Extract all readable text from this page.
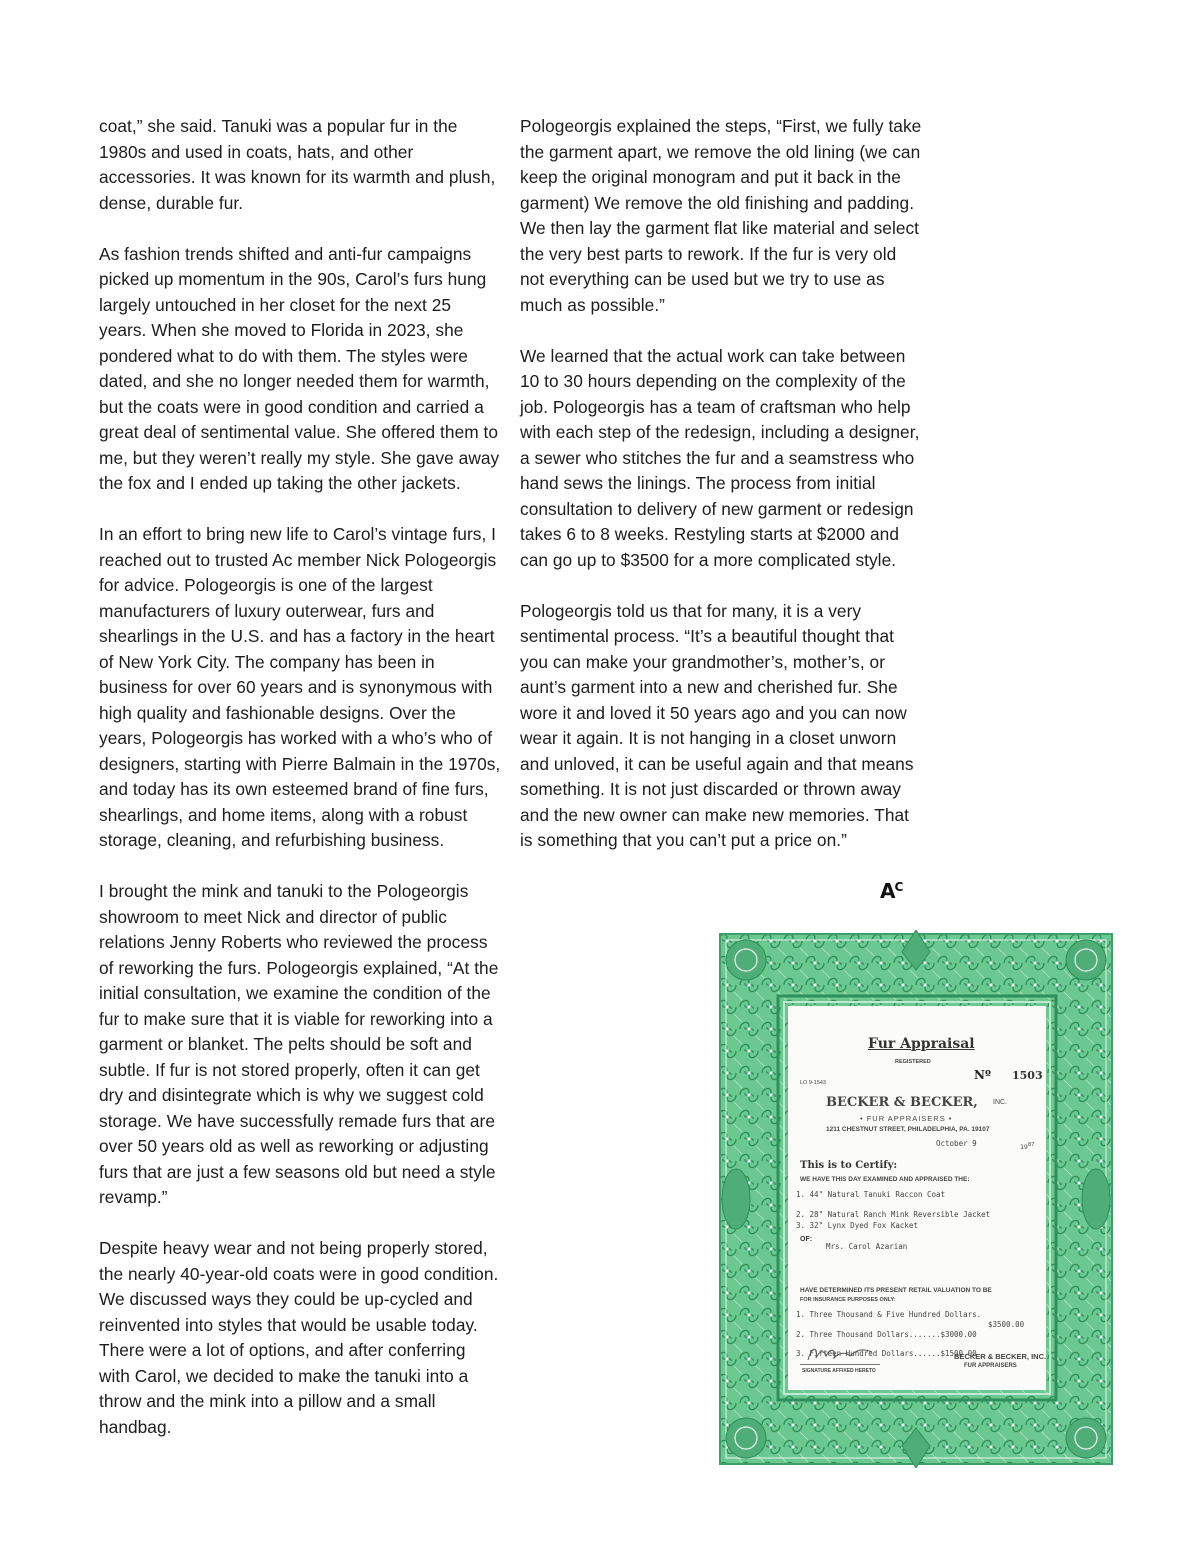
coat,” she said. Tanuki was a popular fur in the 1980s and used in coats, hats, and other accessories. It was known for its warmth and plush, dense, durable fur.

As fashion trends shifted and anti-fur campaigns picked up momentum in the 90s, Carol’s furs hung largely untouched in her closet for the next 25 years. When she moved to Florida in 2023, she pondered what to do with them. The styles were dated, and she no longer needed them for warmth, but the coats were in good condition and carried a great deal of sentimental value. She offered them to me, but they weren’t really my style. She gave away the fox and I ended up taking the other jackets.

In an effort to bring new life to Carol’s vintage furs, I reached out to trusted Ac member Nick Pologeorgis for advice. Pologeorgis is one of the largest manufacturers of luxury outerwear, furs and shearlings in the U.S. and has a factory in the heart of New York City. The company has been in business for over 60 years and is synonymous with high quality and fashionable designs. Over the years, Pologeorgis has worked with a who’s who of designers, starting with Pierre Balmain in the 1970s, and today has its own esteemed brand of fine furs, shearlings, and home items, along with a robust storage, cleaning, and refurbishing business.

I brought the mink and tanuki to the Pologeorgis showroom to meet Nick and director of public relations Jenny Roberts who reviewed the process of reworking the furs. Pologeorgis explained, “At the initial consultation, we examine the condition of the fur to make sure that it is viable for reworking into a garment or blanket. The pelts should be soft and subtle. If fur is not stored properly, often it can get dry and disintegrate which is why we suggest cold storage. We have successfully remade furs that are over 50 years old as well as reworking or adjusting furs that are just a few seasons old but need a style revamp.”

Despite heavy wear and not being properly stored, the nearly 40-year-old coats were in good condition. We discussed ways they could be up-cycled and reinvented into styles that would be usable today. There were a lot of options, and after conferring with Carol, we decided to make the tanuki into a throw and the mink into a pillow and a small handbag.

Pologeorgis explained the steps, “First, we fully take the garment apart, we remove the old lining (we can keep the original monogram and put it back in the garment) We remove the old finishing and padding. We then lay the garment flat like material and select the very best parts to rework. If the fur is very old not everything can be used but we try to use as much as possible.”

We learned that the actual work can take between 10 to 30 hours depending on the complexity of the job. Pologeorgis has a team of craftsman who help with each step of the redesign, including a designer, a sewer who stitches the fur and a seamstress who hand sews the linings. The process from initial consultation to delivery of new garment or redesign takes 6 to 8 weeks. Restyling starts at $2000 and can go up to $3500 for a more complicated style.

Pologeorgis told us that for many, it is a very sentimental process. “It’s a beautiful thought that you can make your grandmother’s, mother’s, or aunt’s garment into a new and cherished fur. She wore it and loved it 50 years ago and you can now wear it again. It is not hanging in a closet unworn and unloved, it can be useful again and that means something. It is not just discarded or thrown away and the new owner can make new memories. That is something that you can’t put a price on.”

$A^C$
Fur Appraisal
REGISTERED
Nº 1503
LO 9-1543
BECKER & BECKER, INC.
• FUR APPRAISERS •
1211 CHESTNUT STREET, PHILADELPHIA, PA. 19107
October 9	$19^{87}$
This is to Certify:
WE HAVE THIS DAY EXAMINED AND APPRAISED THE:
1. 44" Natural Tanuki Raccon Coat
2. 28" Natural Ranch Mink Reversible Jacket
3. 32" Lynx Dyed Fox Kacket
OF:
Mrs. Carol Azarian
HAVE DETERMINED ITS PRESENT RETAIL VALUATION TO BE
FOR INSURANCE PURPOSES ONLY:
1. Three Thousand & Five Hundred Dollars.
$3500.00
2. Three Thousand Dollars.......$3000.00
3. Fifteen Hundred Dollars......$1500.00
SIGNATURE AFFIXED HERETO
BECKER & BECKER, INC.
FUR APPRAISERS
